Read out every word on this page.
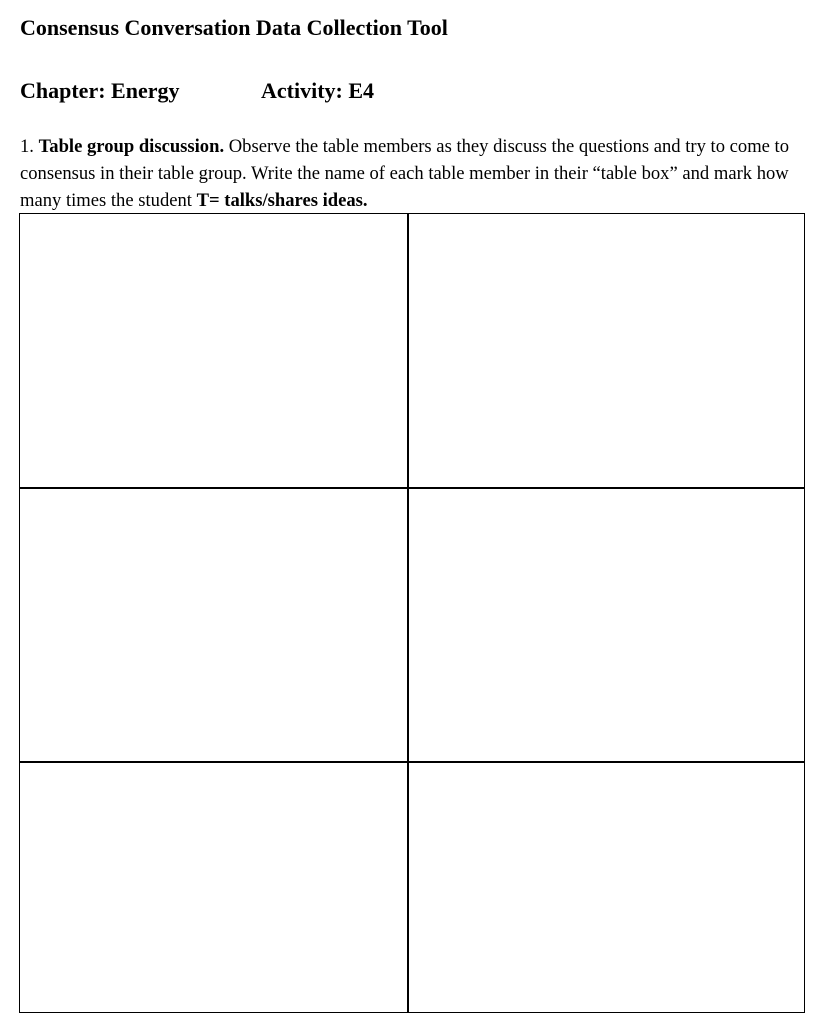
Consensus Conversation Data Collection Tool
Chapter: Energy	Activity: E4

1. Table group discussion. Observe the table members as they discuss the questions and try to come to consensus in their table group. Write the name of each table member in their “table box” and mark how many times the student T= talks/shares ideas.
